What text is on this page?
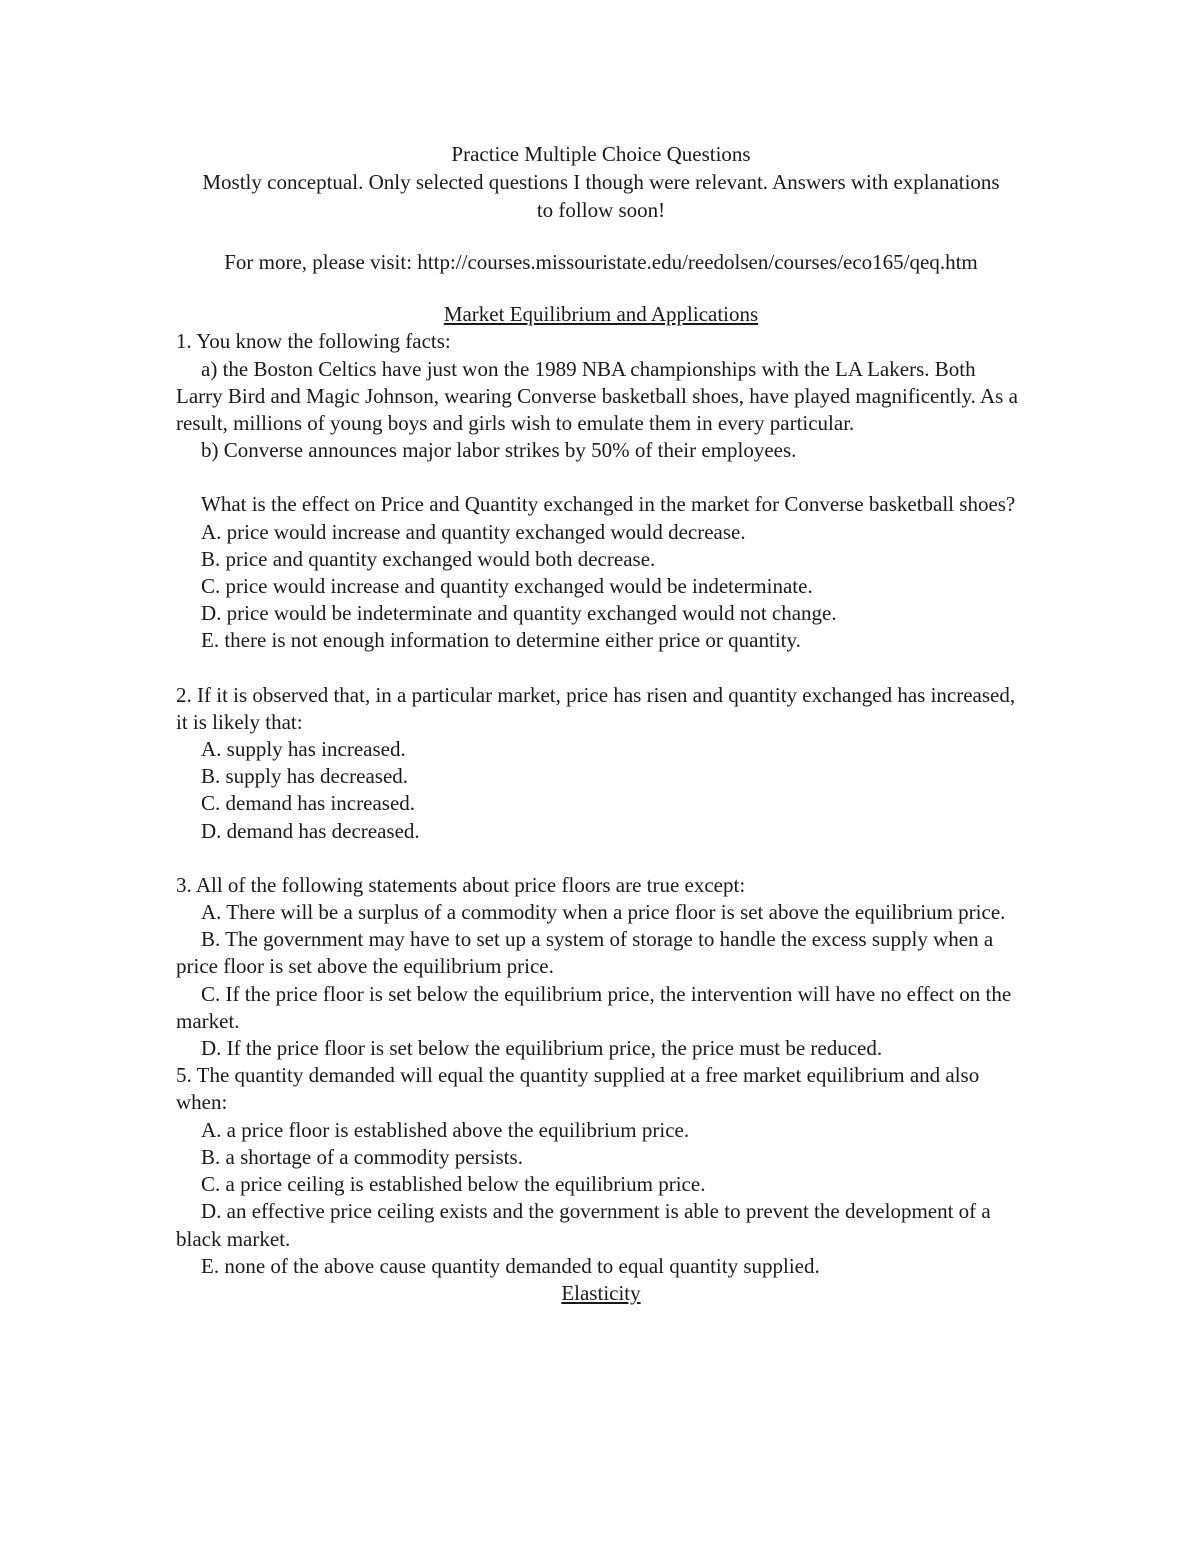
Practice Multiple Choice Questions

Mostly conceptual. Only selected questions I though were relevant. Answers with explanations to follow soon!

For more, please visit: http://courses.missouristate.edu/reedolsen/courses/eco165/qeq.htm

Market Equilibrium and Applications

1. You know the following facts:

a) the Boston Celtics have just won the 1989 NBA championships with the LA Lakers. Both Larry Bird and Magic Johnson, wearing Converse basketball shoes, have played magnificently. As a result, millions of young boys and girls wish to emulate them in every particular.

b) Converse announces major labor strikes by 50% of their employees.

What is the effect on Price and Quantity exchanged in the market for Converse basketball shoes?

A. price would increase and quantity exchanged would decrease.

B. price and quantity exchanged would both decrease.

C. price would increase and quantity exchanged would be indeterminate.

D. price would be indeterminate and quantity exchanged would not change.

E. there is not enough information to determine either price or quantity.

2. If it is observed that, in a particular market, price has risen and quantity exchanged has increased, it is likely that:

A. supply has increased.

B. supply has decreased.

C. demand has increased.

D. demand has decreased.

3. All of the following statements about price floors are true except:

A. There will be a surplus of a commodity when a price floor is set above the equilibrium price.

B. The government may have to set up a system of storage to handle the excess supply when a price floor is set above the equilibrium price.

C. If the price floor is set below the equilibrium price, the intervention will have no effect on the market.

D. If the price floor is set below the equilibrium price, the price must be reduced.

5. The quantity demanded will equal the quantity supplied at a free market equilibrium and also when:

A. a price floor is established above the equilibrium price.

B. a shortage of a commodity persists.

C. a price ceiling is established below the equilibrium price.

D. an effective price ceiling exists and the government is able to prevent the development of a black market.

E. none of the above cause quantity demanded to equal quantity supplied.

Elasticity
